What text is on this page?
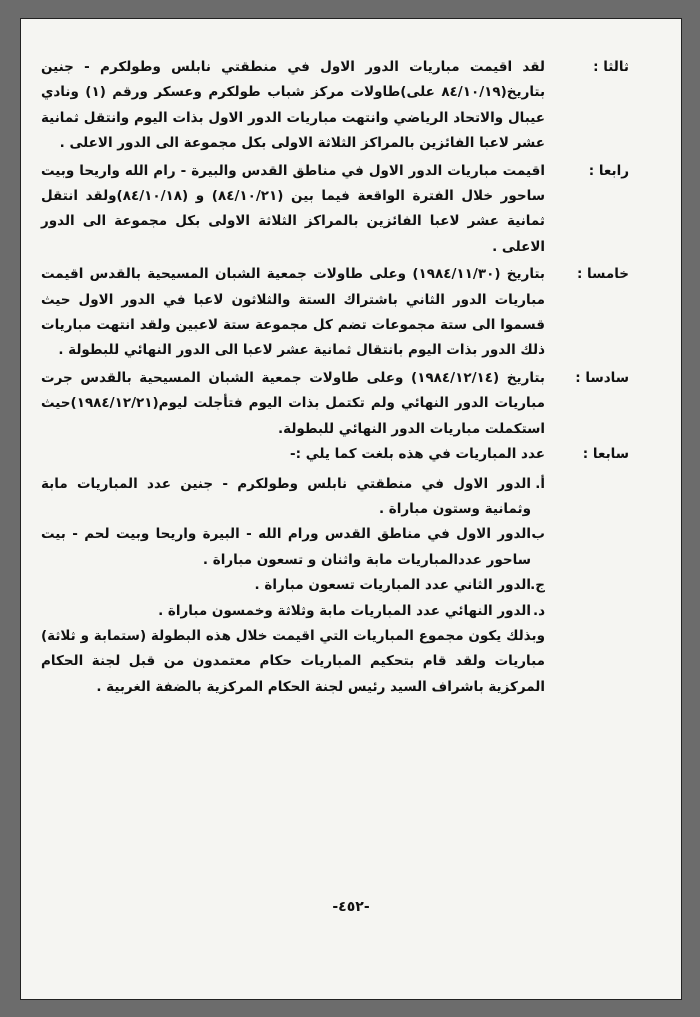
ثالثا :
لقد اقيمت مباريات الدور الاول في منطقتي نابلس وطولكرم - جنين بتاريخ(٨٤/١٠/١٩ على)طاولات مركز شباب طولكرم وعسكر ورقم (١) ونادي عيبال والاتحاد الرياضي وانتهت مباريات الدور الاول بذات اليوم وانتقل ثمانية عشر لاعبا الفائزين بالمراكز الثلاثة الاولى بكل مجموعة الى الدور الاعلى .
رابعا :
اقيمت مباريات الدور الاول في مناطق القدس والبيرة - رام الله واريحا وبيت ساحور خلال الفترة الواقعة فيما بين (٨٤/١٠/٢١) و (٨٤/١٠/١٨)ولقد انتقل ثمانية عشر لاعبا الفائزين بالمراكز الثلاثة الاولى بكل مجموعة الى الدور الاعلى .
خامسا :
بتاريخ (١٩٨٤/١١/٣٠) وعلى طاولات جمعية الشبان المسيحية بالقدس اقيمت مباريات الدور الثاني باشتراك الستة والثلاثون لاعبا في الدور الاول حيث قسموا الى ستة مجموعات تضم كل مجموعة ستة لاعبين ولقد انتهت مباريات ذلك الدور بذات اليوم بانتقال ثمانية عشر لاعبا الى الدور النهائي للبطولة .
سادسا :
بتاريخ (١٩٨٤/١٢/١٤) وعلى طاولات جمعية الشبان المسيحية بالقدس جرت مباريات الدور النهائي ولم تكتمل بذات اليوم فتأجلت ليوم(١٩٨٤/١٢/٢١)حيث استكملت مباريات الدور النهائي للبطولة.
سابعا :

عدد المباريات في هذه بلغت كما يلي :-

أ.
الدور الاول في منطقتي نابلس وطولكرم - جنين عدد المباريات مابة وثمانية وستون مباراة .
ب.
الدور الاول في مناطق القدس ورام الله - البيرة واريحا وبيت لحم - بيت ساحور عددالمباريات مابة واثنان و تسعون مباراة .
ج.
الدور الثاني عدد المباريات تسعون مباراة .
د.
الدور النهائي عدد المباريات مابة وثلاثة وخمسون مباراة .

وبذلك يكون مجموع المباريات التي اقيمت خلال هذه البطولة (ستمابة و ثلاثة) مباريات ولقد قام بتحكيم المباريات حكام معتمدون من قبل لجنة الحكام المركزية باشراف السيد رئيس لجنة الحكام المركزية بالضفة الغربية .

-٤٥٢-
